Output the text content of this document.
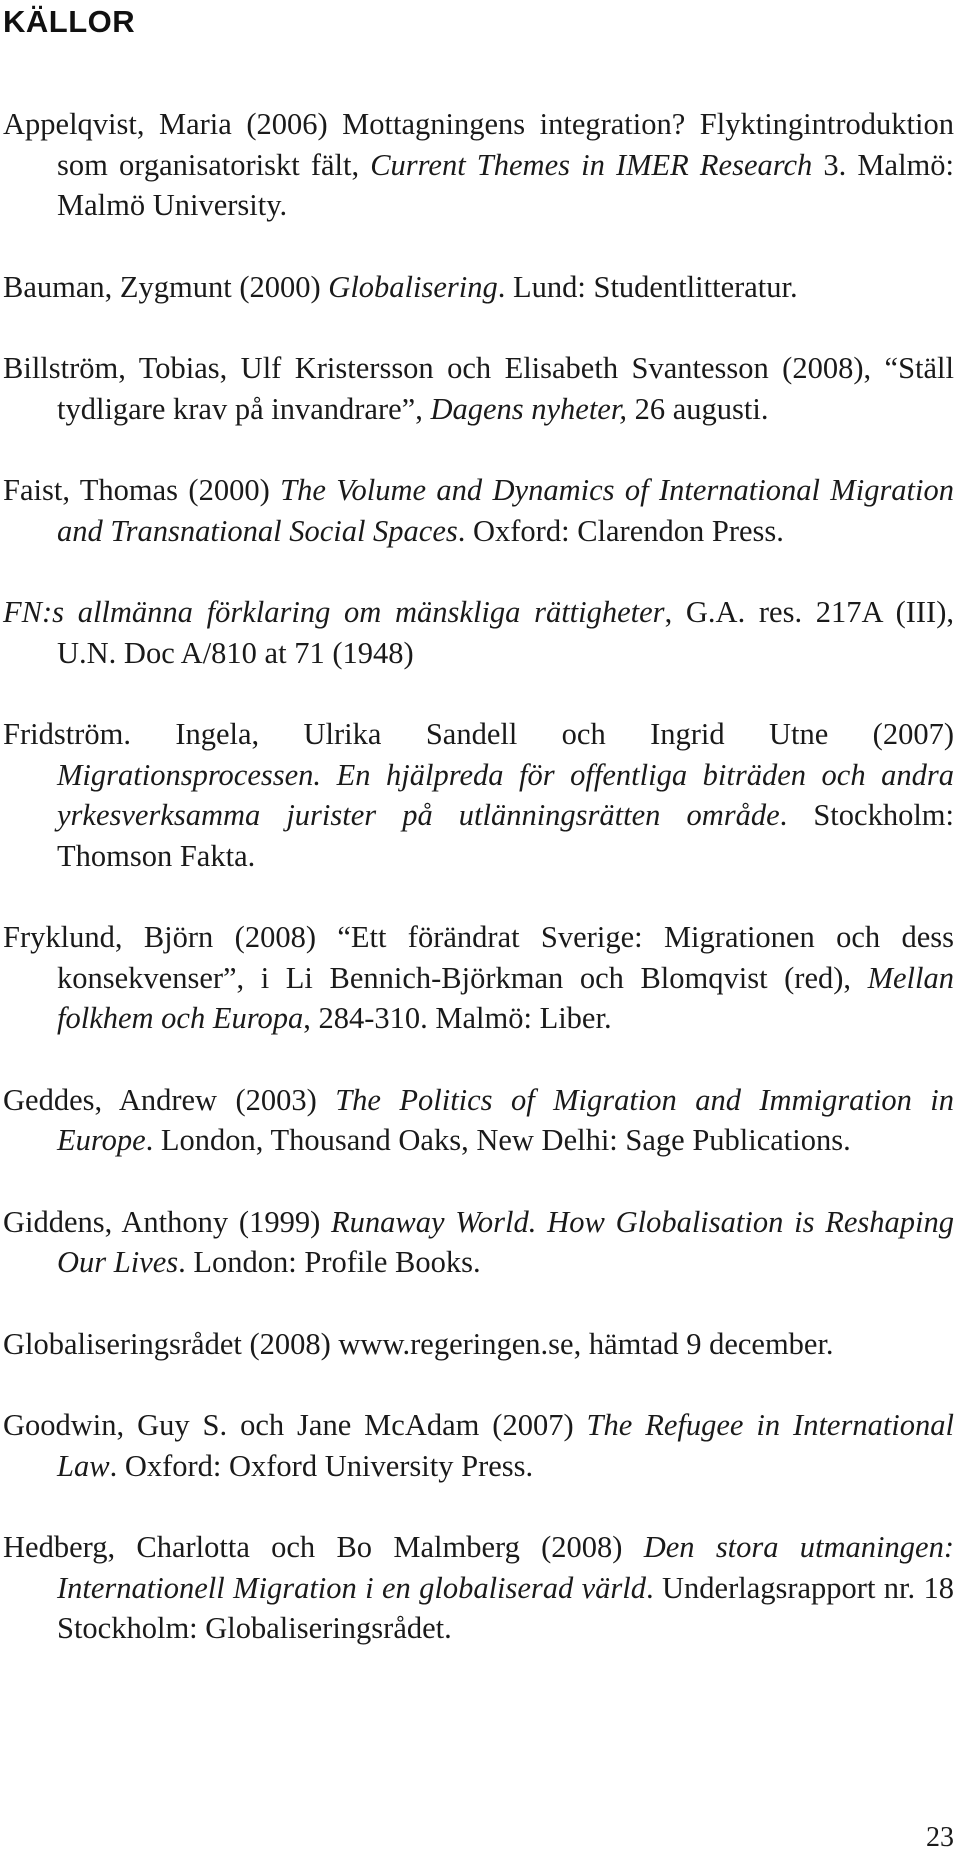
KÄLLOR
Appelqvist, Maria (2006) Mottagningens integration? Flyktingintroduktion som organisatoriskt fält, Current Themes in IMER Research 3. Malmö: Malmö University.
Bauman, Zygmunt (2000) Globalisering. Lund: Studentlitteratur.
Billström, Tobias, Ulf Kristersson och Elisabeth Svantesson (2008), “Ställ tydligare krav på invandrare”, Dagens nyheter, 26 augusti.
Faist, Thomas (2000) The Volume and Dynamics of International Migration and Transnational Social Spaces. Oxford: Clarendon Press.
FN:s allmänna förklaring om mänskliga rättigheter, G.A. res. 217A (III), U.N. Doc A/810 at 71 (1948)
Fridström. Ingela, Ulrika Sandell och Ingrid Utne (2007) Migrationsprocessen. En hjälpreda för offentliga biträden och andra yrkesverksamma jurister på utlänningsrätten område. Stockholm: Thomson Fakta.
Fryklund, Björn (2008) “Ett förändrat Sverige: Migrationen och dess konsekvenser”, i Li Bennich-Björkman och Blomqvist (red), Mellan folkhem och Europa, 284-310. Malmö: Liber.
Geddes, Andrew (2003) The Politics of Migration and Immigration in Europe. London, Thousand Oaks, New Delhi: Sage Publications.
Giddens, Anthony (1999) Runaway World. How Globalisation is Reshaping Our Lives. London: Profile Books.
Globaliseringsrådet (2008) www.regeringen.se, hämtad 9 december.
Goodwin, Guy S. och Jane McAdam (2007) The Refugee in International Law. Oxford: Oxford University Press.
Hedberg, Charlotta och Bo Malmberg (2008) Den stora utmaningen: Internationell Migration i en globaliserad värld. Underlagsrapport nr. 18 Stockholm: Globaliseringsrådet.
23
